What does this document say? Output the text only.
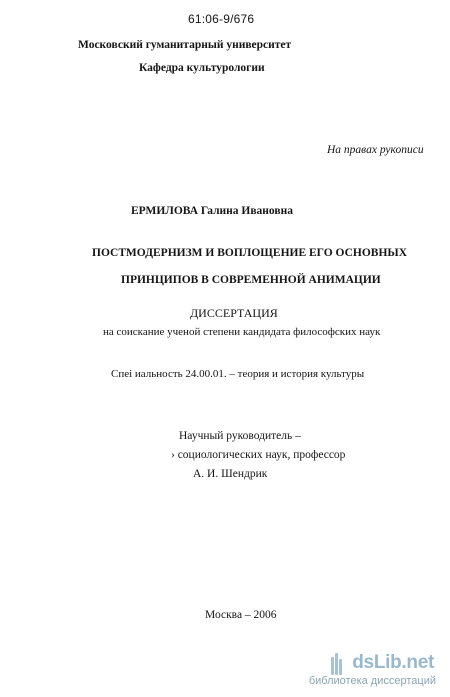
61:06-9/676
Московский гуманитарный университет
Кафедра культурологии
На правах рукописи
ЕРМИЛОВА Галина Ивановна
ПОСТМОДЕРНИЗМ И ВОПЛОЩЕНИЕ ЕГО ОСНОВНЫХ
ПРИНЦИПОВ В СОВРЕМЕННОЙ АНИМАЦИИ
ДИССЕРТАЦИЯ
на соискание ученой степени кандидата философских наук
Спеі иальность 24.00.01. – теория и история культуры
Научный руководитель –
› социологических наук, профессор
А. И. Шендрик
Москва – 2006
dsLib.net
библиотека диссертаций
